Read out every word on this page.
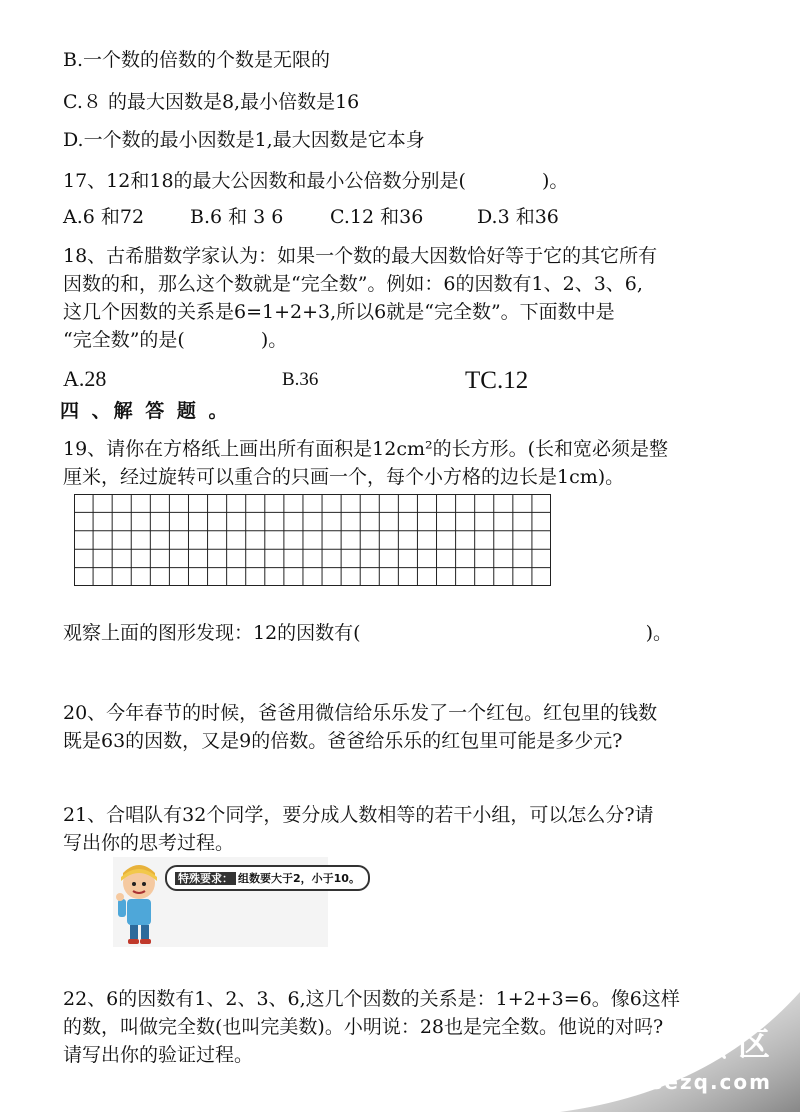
B.一个数的倍数的个数是无限的
C.８ 的最大因数是8,最小倍数是16
D.一个数的最小因数是1,最大因数是它本身
17、12和18的最大公因数和最小公倍数分别是(　　　　)。
A.6 和72 B.6 和 3 6 C.12 和36	D.3 和36
18、古希腊数学家认为：如果一个数的最大因数恰好等于它的其它所有
因数的和，那么这个数就是“完全数”。例如：6的因数有1、2、3、6,
这几个因数的关系是6=1+2+3,所以6就是“完全数”。下面数中是
“完全数”的是(　　　　)。
A.28	B.36	TC.12
四 、解 答 题 。
19、请你在方格纸上画出所有面积是12cm²的长方形。(长和宽必须是整
厘米，经过旋转可以重合的只画一个，每个小方格的边长是1cm)。
观察上面的图形发现：12的因数有(　　　　　　　　　　　　　　　)。
20、今年春节的时候，爸爸用微信给乐乐发了一个红包。红包里的钱数
既是63的因数，又是9的倍数。爸爸给乐乐的红包里可能是多少元?
21、合唱队有32个同学，要分成人数相等的若干小组，可以怎么分?请
写出你的思考过程。
特殊要求： 组数要大于2，小于10。
22、6的因数有1、2、3、6,这几个因数的关系是：1+2+3=6。像6这样
的数，叫做完全数(也叫完美数)。小明说：28也是完全数。他说的对吗?
请写出你的验证过程。	少儿专区
www.sezq.com
